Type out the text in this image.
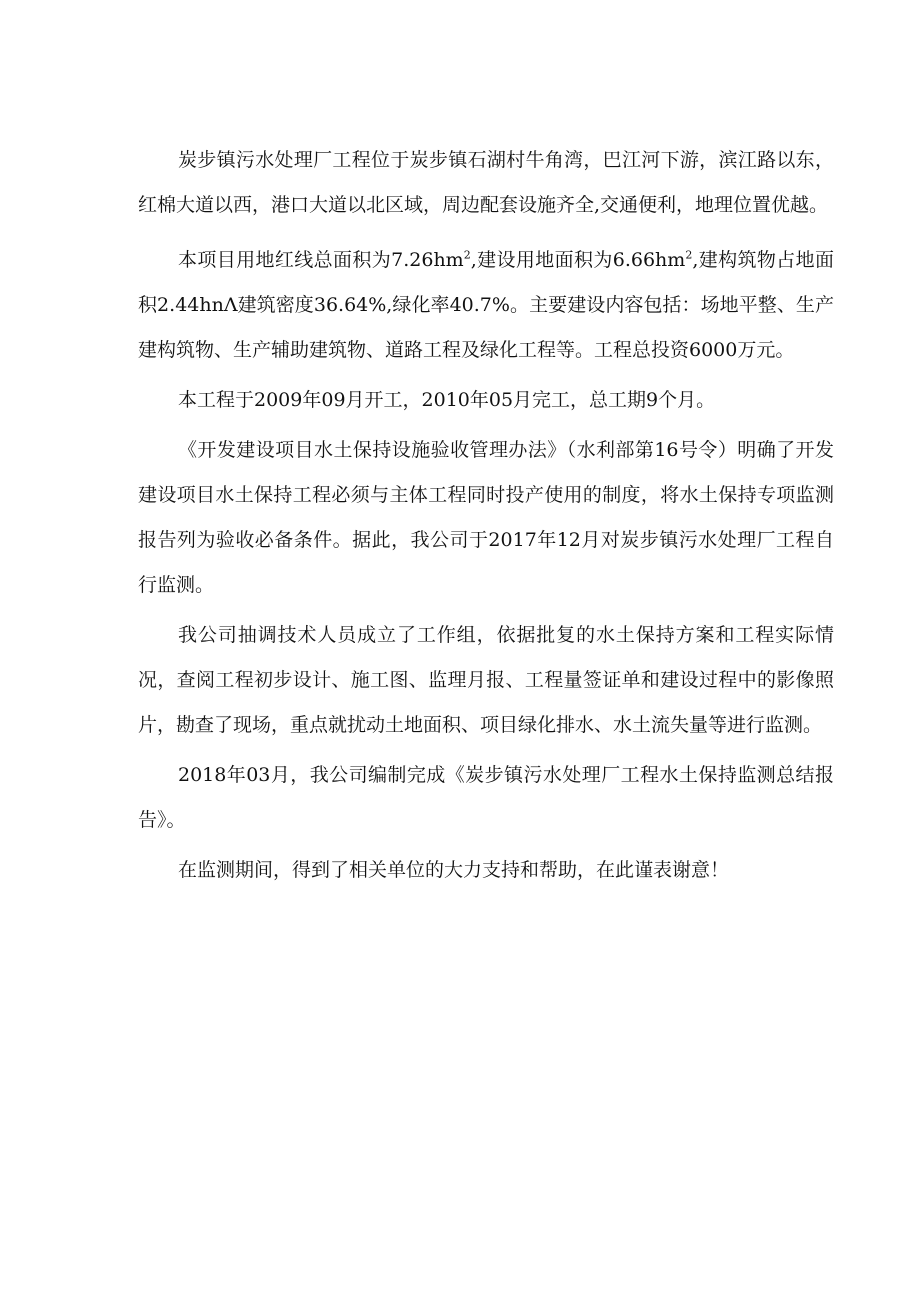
炭步镇污水处理厂工程位于炭步镇石湖村牛角湾，巴江河下游，滨江路以东，红棉大道以西，港口大道以北区域，周边配套设施齐全,交通便利，地理位置优越。

本项目用地红线总面积为$7.26hm^2$,建设用地面积为$6.66hm^2$,建构筑物占地面积2.44hnΛ建筑密度36.64%,绿化率40.7%。主要建设内容包括：场地平整、生产建构筑物、生产辅助建筑物、道路工程及绿化工程等。工程总投资6000万元。

本工程于2009年09月开工，2010年05月完工，总工期9个月。

《开发建设项目水土保持设施验收管理办法》（水利部第16号令）明确了开发建设项目水土保持工程必须与主体工程同时投产使用的制度，将水土保持专项监测报告列为验收必备条件。据此，我公司于2017年12月对炭步镇污水处理厂工程自行监测。

我公司抽调技术人员成立了工作组，依据批复的水土保持方案和工程实际情况，查阅工程初步设计、施工图、监理月报、工程量签证单和建设过程中的影像照片，勘查了现场，重点就扰动土地面积、项目绿化排水、水土流失量等进行监测。

2018年03月，我公司编制完成《炭步镇污水处理厂工程水土保持监测总结报告》。

在监测期间，得到了相关单位的大力支持和帮助，在此谨表谢意！
